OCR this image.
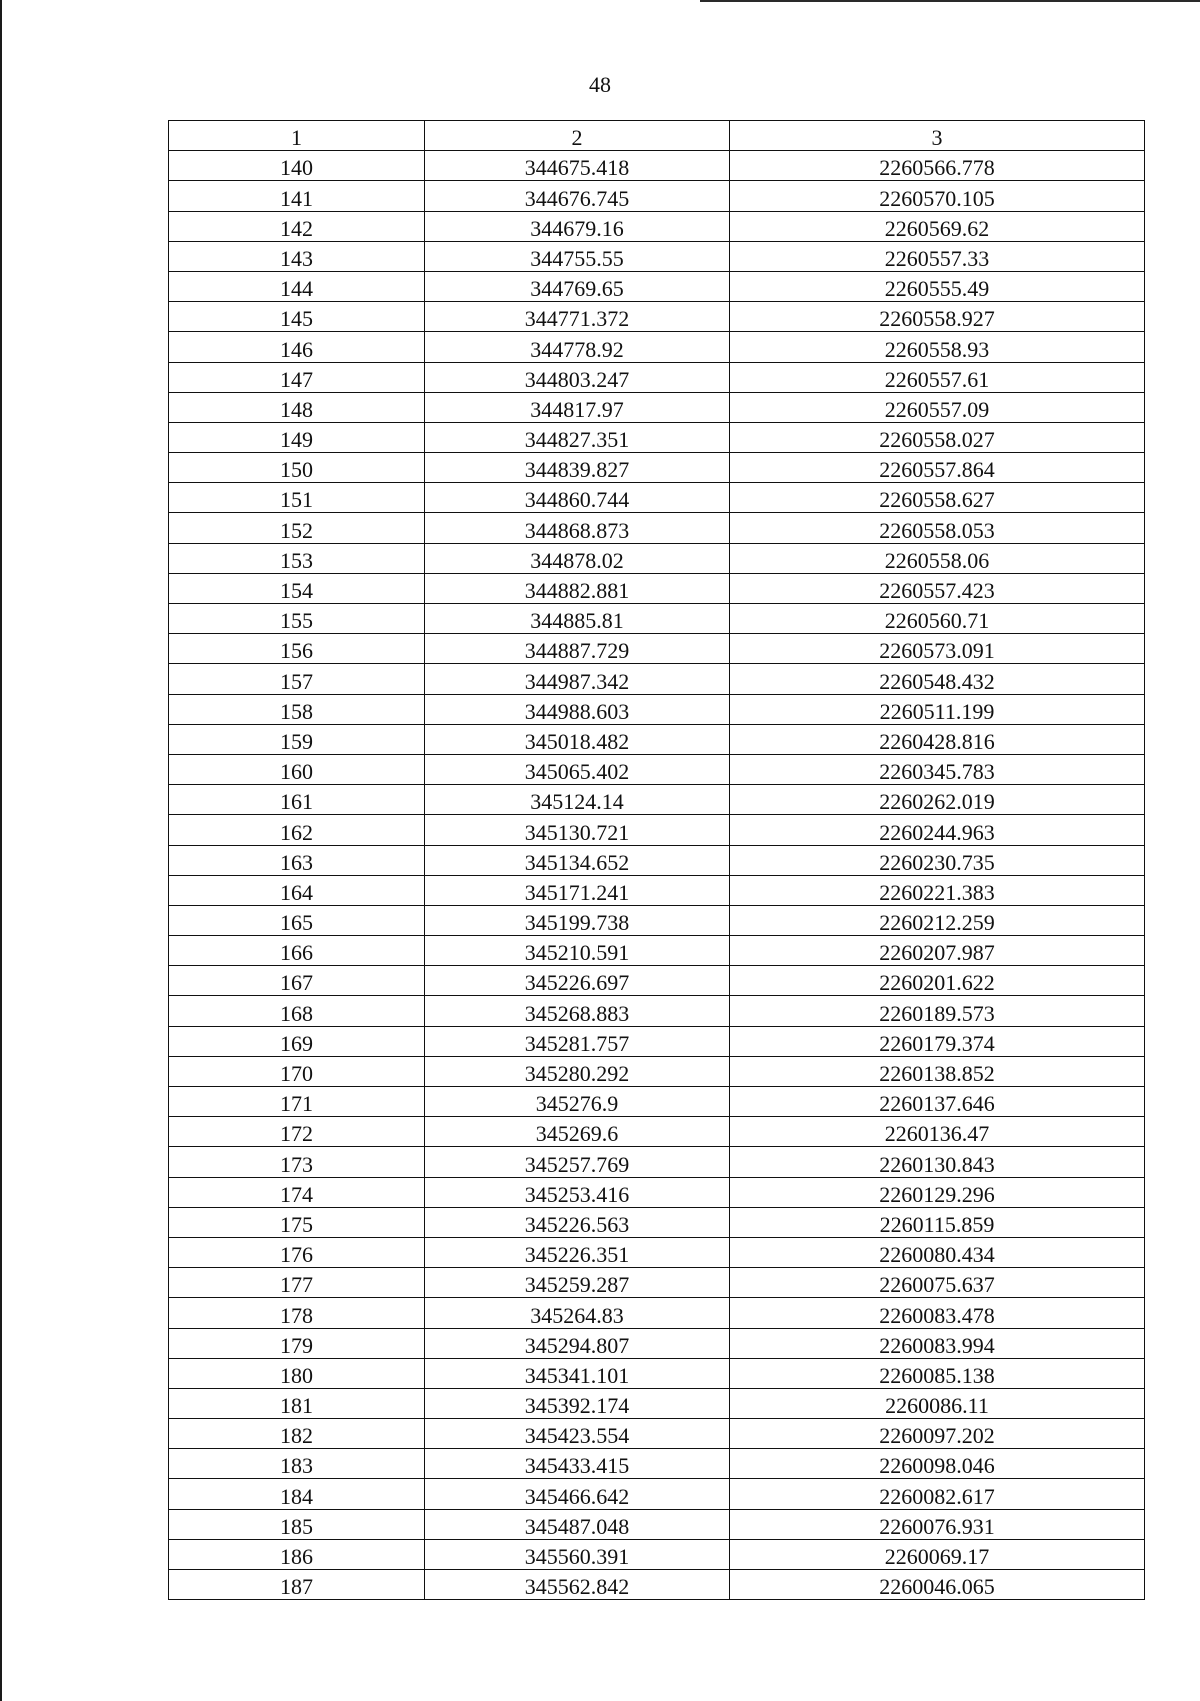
48
1	2	3
140	344675.418	2260566.778
141	344676.745	2260570.105
142	344679.16	2260569.62
143	344755.55	2260557.33
144	344769.65	2260555.49
145	344771.372	2260558.927
146	344778.92	2260558.93
147	344803.247	2260557.61
148	344817.97	2260557.09
149	344827.351	2260558.027
150	344839.827	2260557.864
151	344860.744	2260558.627
152	344868.873	2260558.053
153	344878.02	2260558.06
154	344882.881	2260557.423
155	344885.81	2260560.71
156	344887.729	2260573.091
157	344987.342	2260548.432
158	344988.603	2260511.199
159	345018.482	2260428.816
160	345065.402	2260345.783
161	345124.14	2260262.019
162	345130.721	2260244.963
163	345134.652	2260230.735
164	345171.241	2260221.383
165	345199.738	2260212.259
166	345210.591	2260207.987
167	345226.697	2260201.622
168	345268.883	2260189.573
169	345281.757	2260179.374
170	345280.292	2260138.852
171	345276.9	2260137.646
172	345269.6	2260136.47
173	345257.769	2260130.843
174	345253.416	2260129.296
175	345226.563	2260115.859
176	345226.351	2260080.434
177	345259.287	2260075.637
178	345264.83	2260083.478
179	345294.807	2260083.994
180	345341.101	2260085.138
181	345392.174	2260086.11
182	345423.554	2260097.202
183	345433.415	2260098.046
184	345466.642	2260082.617
185	345487.048	2260076.931
186	345560.391	2260069.17
187	345562.842	2260046.065
